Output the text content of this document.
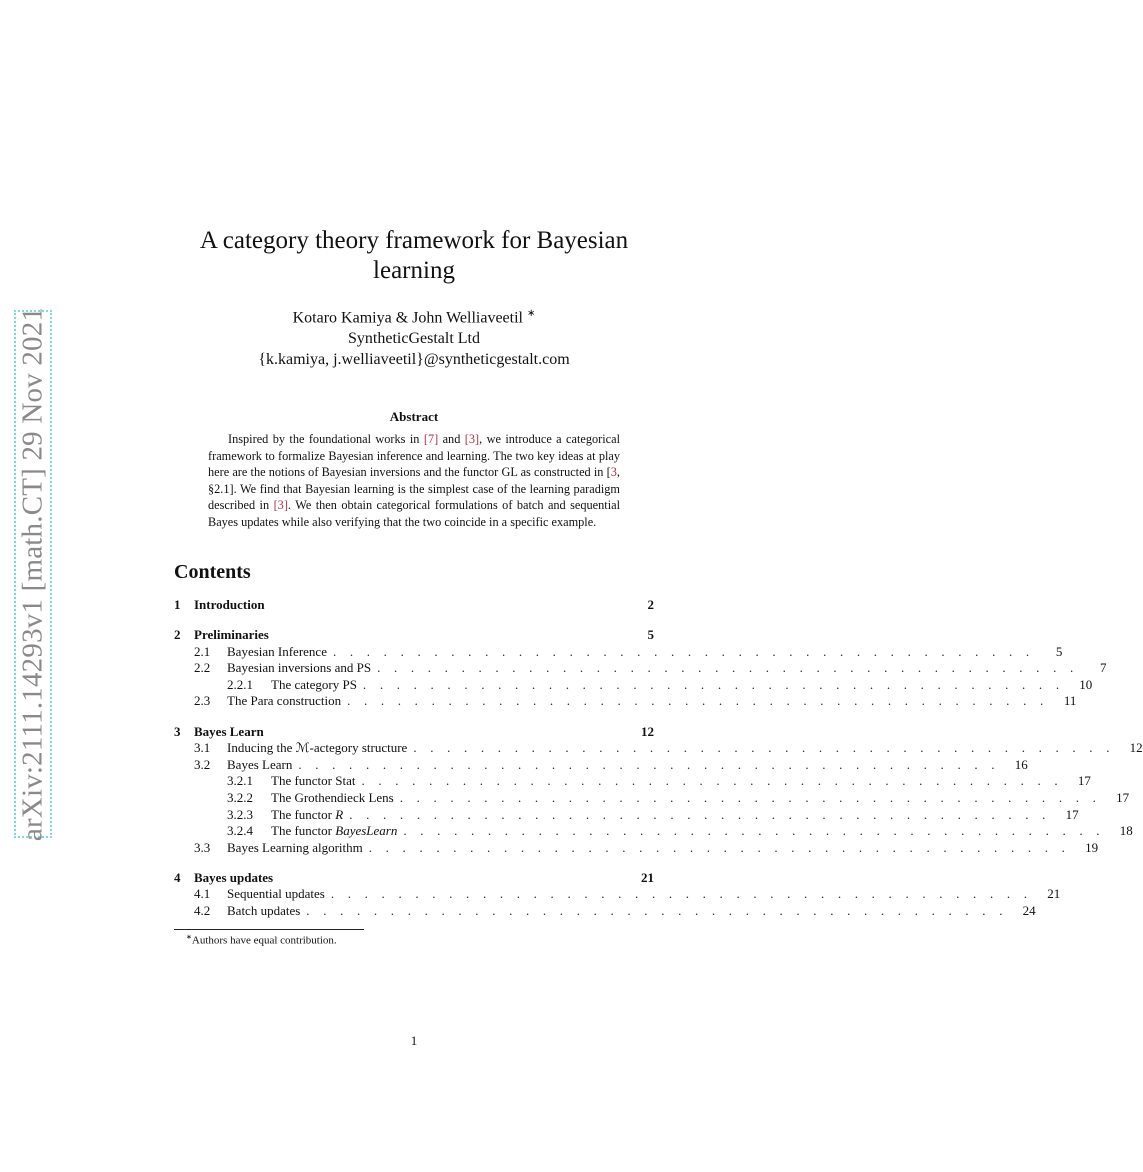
arXiv:2111.14293v1 [math.CT] 29 Nov 2021
A category theory framework for Bayesian
learning
Kotaro Kamiya & John Welliaveetil ∗
SyntheticGestalt Ltd
{k.kamiya, j.welliaveetil}@syntheticgestalt.com
Abstract

Inspired by the foundational works in [7] and [3], we introduce a categorical framework to formalize Bayesian inference and learning. The two key ideas at play here are the notions of Bayesian inversions and the functor GL as constructed in [3, §2.1]. We find that Bayesian learning is the simplest case of the learning paradigm described in [3]. We then obtain categorical formulations of batch and sequential Bayes updates while also verifying that the two coincide in a specific example.

Contents
1	Introduction	2
2	Preliminaries	5
2.1	Bayesian Inference . . . . . . . . . . . . . . . . . . . . . . . . . . . . . . . . . . . . . . . . . .	5
2.2	Bayesian inversions and PS . . . . . . . . . . . . . . . . . . . . . . . . . . . . . . . . . . . . . . . . . .	7
2.2.1	The category PS . . . . . . . . . . . . . . . . . . . . . . . . . . . . . . . . . . . . . . . . . .	10
2.3	The Para construction . . . . . . . . . . . . . . . . . . . . . . . . . . . . . . . . . . . . . . . . . .	11
3	Bayes Learn	12
3.1	Inducing the ℳ-actegory structure . . . . . . . . . . . . . . . . . . . . . . . . . . . . . . . . . . . . . . . . . .	12
3.2	Bayes Learn . . . . . . . . . . . . . . . . . . . . . . . . . . . . . . . . . . . . . . . . . .	16
3.2.1	The functor Stat . . . . . . . . . . . . . . . . . . . . . . . . . . . . . . . . . . . . . . . . . .	17
3.2.2	The Grothendieck Lens . . . . . . . . . . . . . . . . . . . . . . . . . . . . . . . . . . . . . . . . . .	17
3.2.3	The functor R . . . . . . . . . . . . . . . . . . . . . . . . . . . . . . . . . . . . . . . . . .	17
3.2.4	The functor BayesLearn . . . . . . . . . . . . . . . . . . . . . . . . . . . . . . . . . . . . . . . . . .	18
3.3	Bayes Learning algorithm . . . . . . . . . . . . . . . . . . . . . . . . . . . . . . . . . . . . . . . . . .	19
4	Bayes updates	21
4.1	Sequential updates . . . . . . . . . . . . . . . . . . . . . . . . . . . . . . . . . . . . . . . . . .	21
4.2	Batch updates . . . . . . . . . . . . . . . . . . . . . . . . . . . . . . . . . . . . . . . . . .	24
∗Authors have equal contribution.
1
